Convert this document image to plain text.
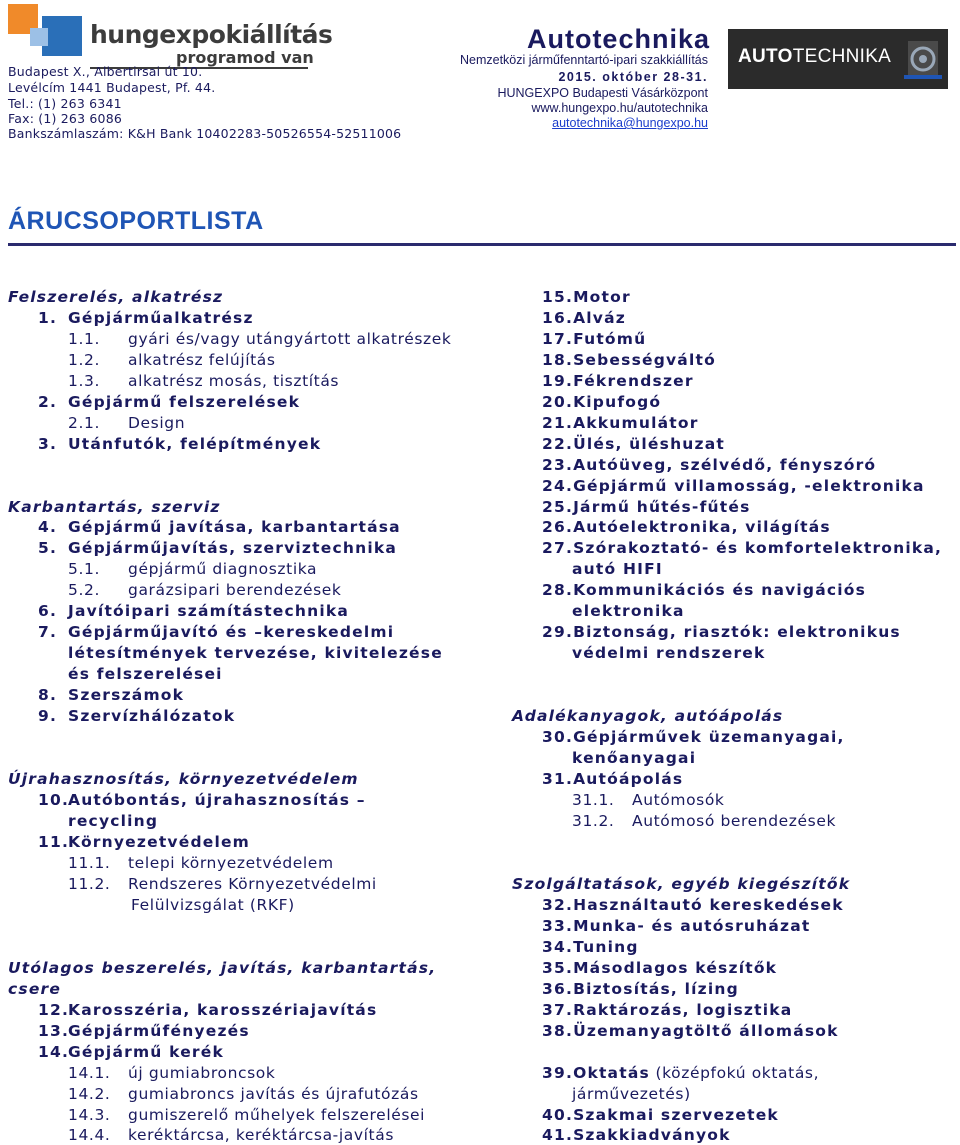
hungexpokiállítás
programod van
Budapest X., Albertirsai út 10.
Levélcím 1441 Budapest, Pf. 44.
Tel.: (1) 263 6341
Fax: (1) 263 6086
Bankszámlaszám: K&H Bank 10402283-50526554-52511006
Autotechnika
Nemzetközi járműfenntartó-ipari szakkiállítás
2015. október 28-31.
HUNGEXPO Budapesti Vásárközpont
www.hungexpo.hu/autotechnika
autotechnika@hungexpo.hu
AUTOTECHNIKA
ÁRUCSOPORTLISTA
Felszerelés, alkatrész
1. Gépjárműalkatrész
1.1. gyári és/vagy utángyártott alkatrészek
1.2. alkatrész felújítás
1.3. alkatrész mosás, tisztítás
2. Gépjármű felszerelések
2.1. Design
3. Utánfutók, felépítmények
Karbantartás, szerviz
4. Gépjármű javítása, karbantartása
5. Gépjárműjavítás, szerviztechnika
5.1. gépjármű diagnosztika
5.2. garázsipari berendezések
6. Javítóipari számítástechnika
7. Gépjárműjavító és –kereskedelmi
létesítmények tervezése, kivitelezése
és felszerelései
8. Szerszámok
9. Szervízhálózatok
Újrahasznosítás, környezetvédelem
10.Autóbontás, újrahasznosítás –
recycling
11.Környezetvédelem
11.1. telepi környezetvédelem
11.2. Rendszeres Környezetvédelmi
Felülvizsgálat (RKF)
Utólagos beszerelés, javítás, karbantartás,
csere
12.Karosszéria, karosszériajavítás
13.Gépjárműfényezés
14.Gépjármű kerék
14.1. új gumiabroncsok
14.2. gumiabroncs javítás és újrafutózás
14.3. gumiszerelő műhelyek felszerelései
14.4. keréktárcsa, keréktárcsa-javítás
15.Motor
16.Alváz
17.Futómű
18.Sebességváltó
19.Fékrendszer
20.Kipufogó
21.Akkumulátor
22.Ülés, üléshuzat
23.Autóüveg, szélvédő, fényszóró
24.Gépjármű villamosság, -elektronika
25.Jármű hűtés-fűtés
26.Autóelektronika, világítás
27.Szórakoztató- és komfortelektronika,
autó HIFI
28.Kommunikációs és navigációs
elektronika
29.Biztonság, riasztók: elektronikus
védelmi rendszerek
Adalékanyagok, autóápolás
30.Gépjárművek üzemanyagai,
kenőanyagai
31.Autóápolás
31.1. Autómosók
31.2. Autómosó berendezések
Szolgáltatások, egyéb kiegészítők
32.Használtautó kereskedések
33.Munka- és autósruházat
34.Tuning
35.Másodlagos készítők
36.Biztosítás, lízing
37.Raktározás, logisztika
38.Üzemanyagtöltő állomások
39.Oktatás (középfokú oktatás,
járművezetés)
40.Szakmai szervezetek
41.Szakkiadványok
